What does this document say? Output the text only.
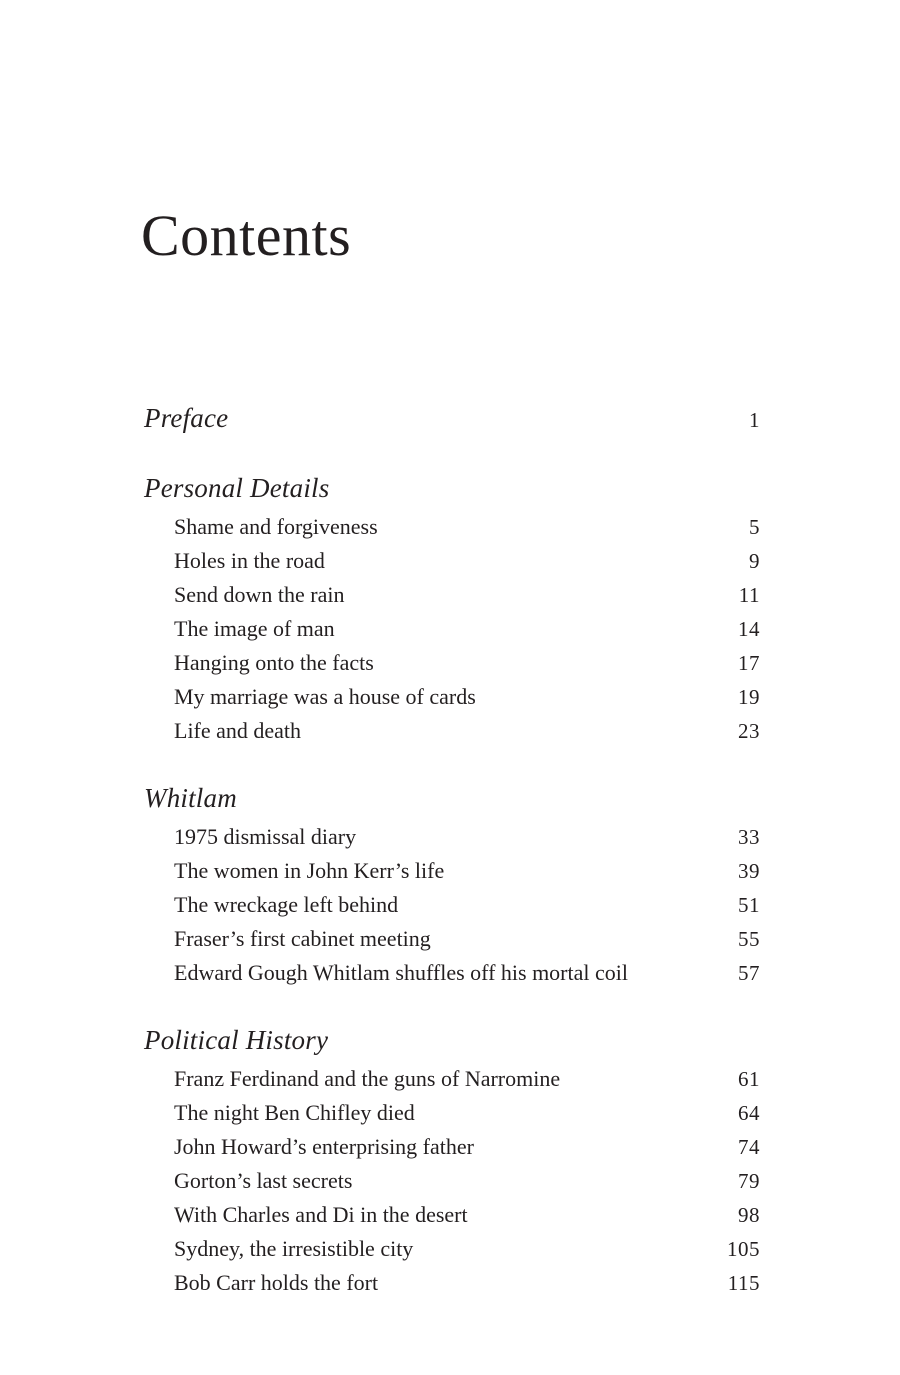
Contents
Preface	1
Personal Details
Shame and forgiveness	5
Holes in the road	9
Send down the rain	11
The image of man	14
Hanging onto the facts	17
My marriage was a house of cards	19
Life and death	23
Whitlam
1975 dismissal diary	33
The women in John Kerr’s life	39
The wreckage left behind	51
Fraser’s first cabinet meeting	55
Edward Gough Whitlam shuffles off his mortal coil	57
Political History
Franz Ferdinand and the guns of Narromine	61
The night Ben Chifley died	64
John Howard’s enterprising father	74
Gorton’s last secrets	79
With Charles and Di in the desert	98
Sydney, the irresistible city	105
Bob Carr holds the fort	115
